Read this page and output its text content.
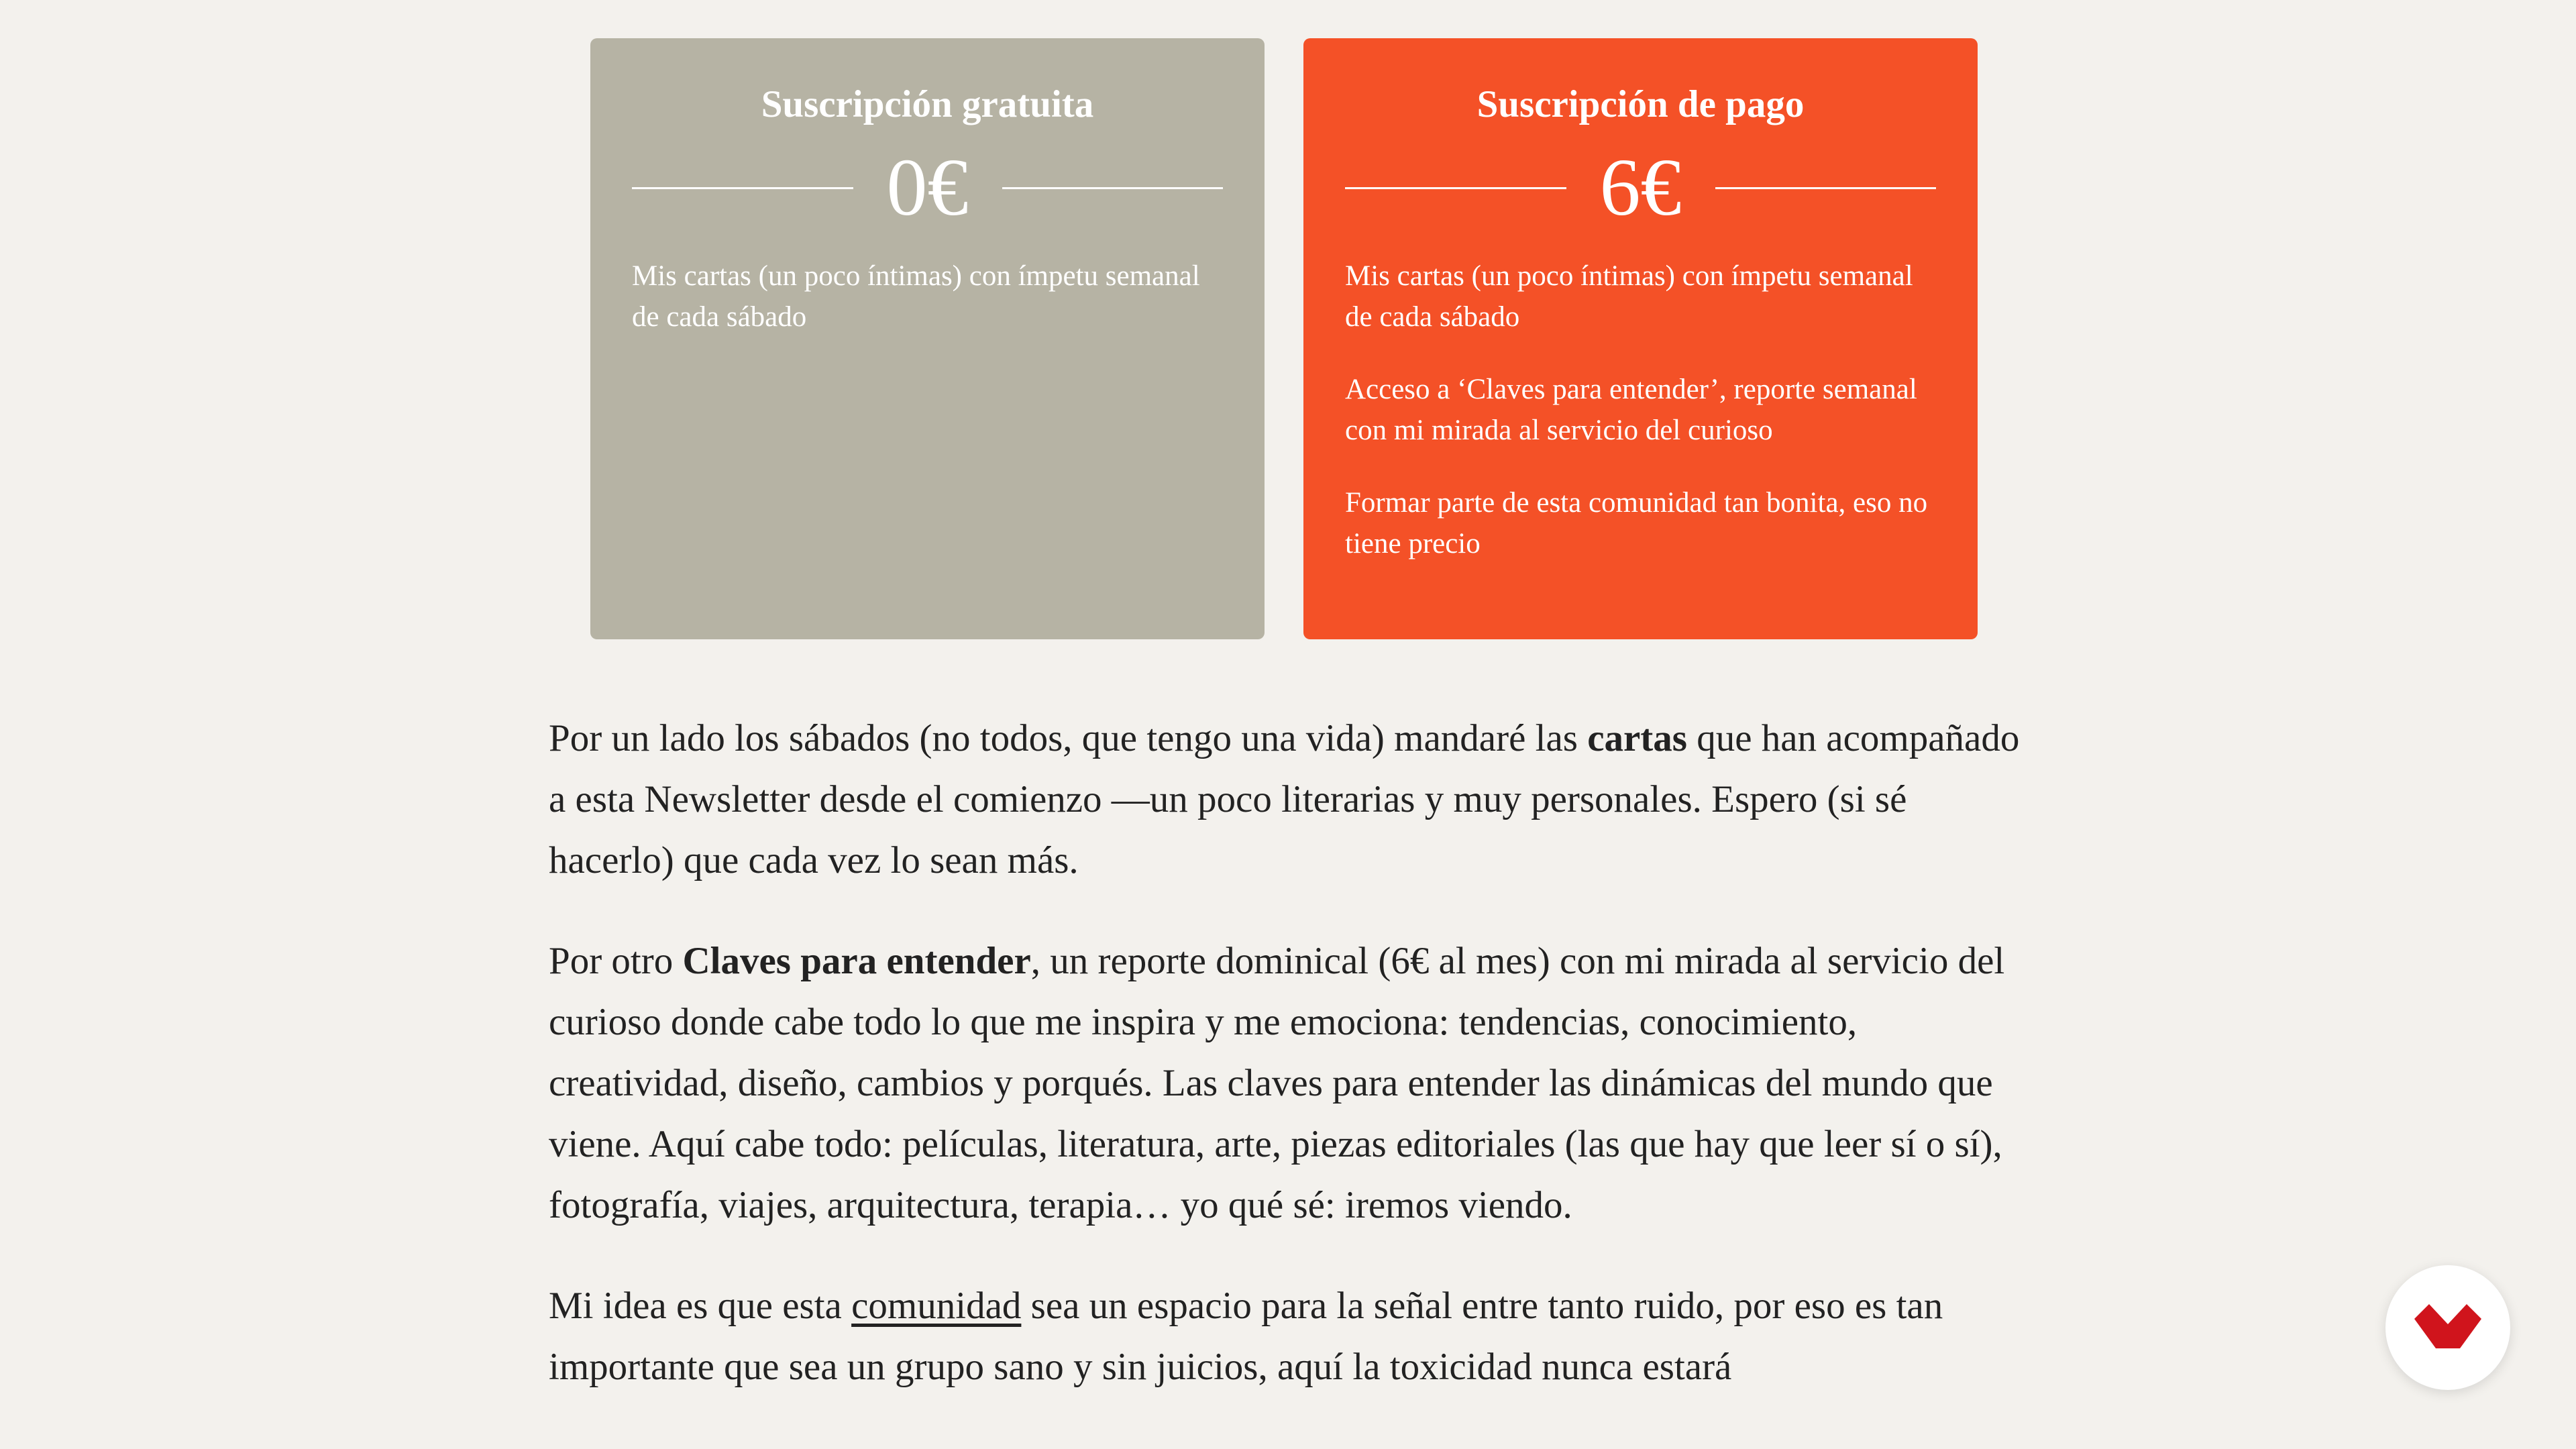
Suscripción gratuita
0€
Mis cartas (un poco íntimas) con ímpetu semanal de cada sábado
Suscripción de pago
6€
Mis cartas (un poco íntimas) con ímpetu semanal de cada sábado
Acceso a ‘Claves para entender’, reporte semanal con mi mirada al servicio del curioso
Formar parte de esta comunidad tan bonita, eso no tiene precio

Por un lado los sábados (no todos, que tengo una vida) mandaré las cartas que han acompañado a esta Newsletter desde el comienzo —un poco literarias y muy personales. Espero (si sé hacerlo) que cada vez lo sean más.

Por otro Claves para entender, un reporte dominical (6€ al mes) con mi mirada al servicio del curioso donde cabe todo lo que me inspira y me emociona: tendencias, conocimiento, creatividad, diseño, cambios y porqués. Las claves para entender las dinámicas del mundo que viene. Aquí cabe todo: películas, literatura, arte, piezas editoriales (las que hay que leer sí o sí), fotografía, viajes, arquitectura, terapia… yo qué sé: iremos viendo.

Mi idea es que esta comunidad sea un espacio para la señal entre tanto ruido, por eso es tan importante que sea un grupo sano y sin juicios, aquí la toxicidad nunca estará
